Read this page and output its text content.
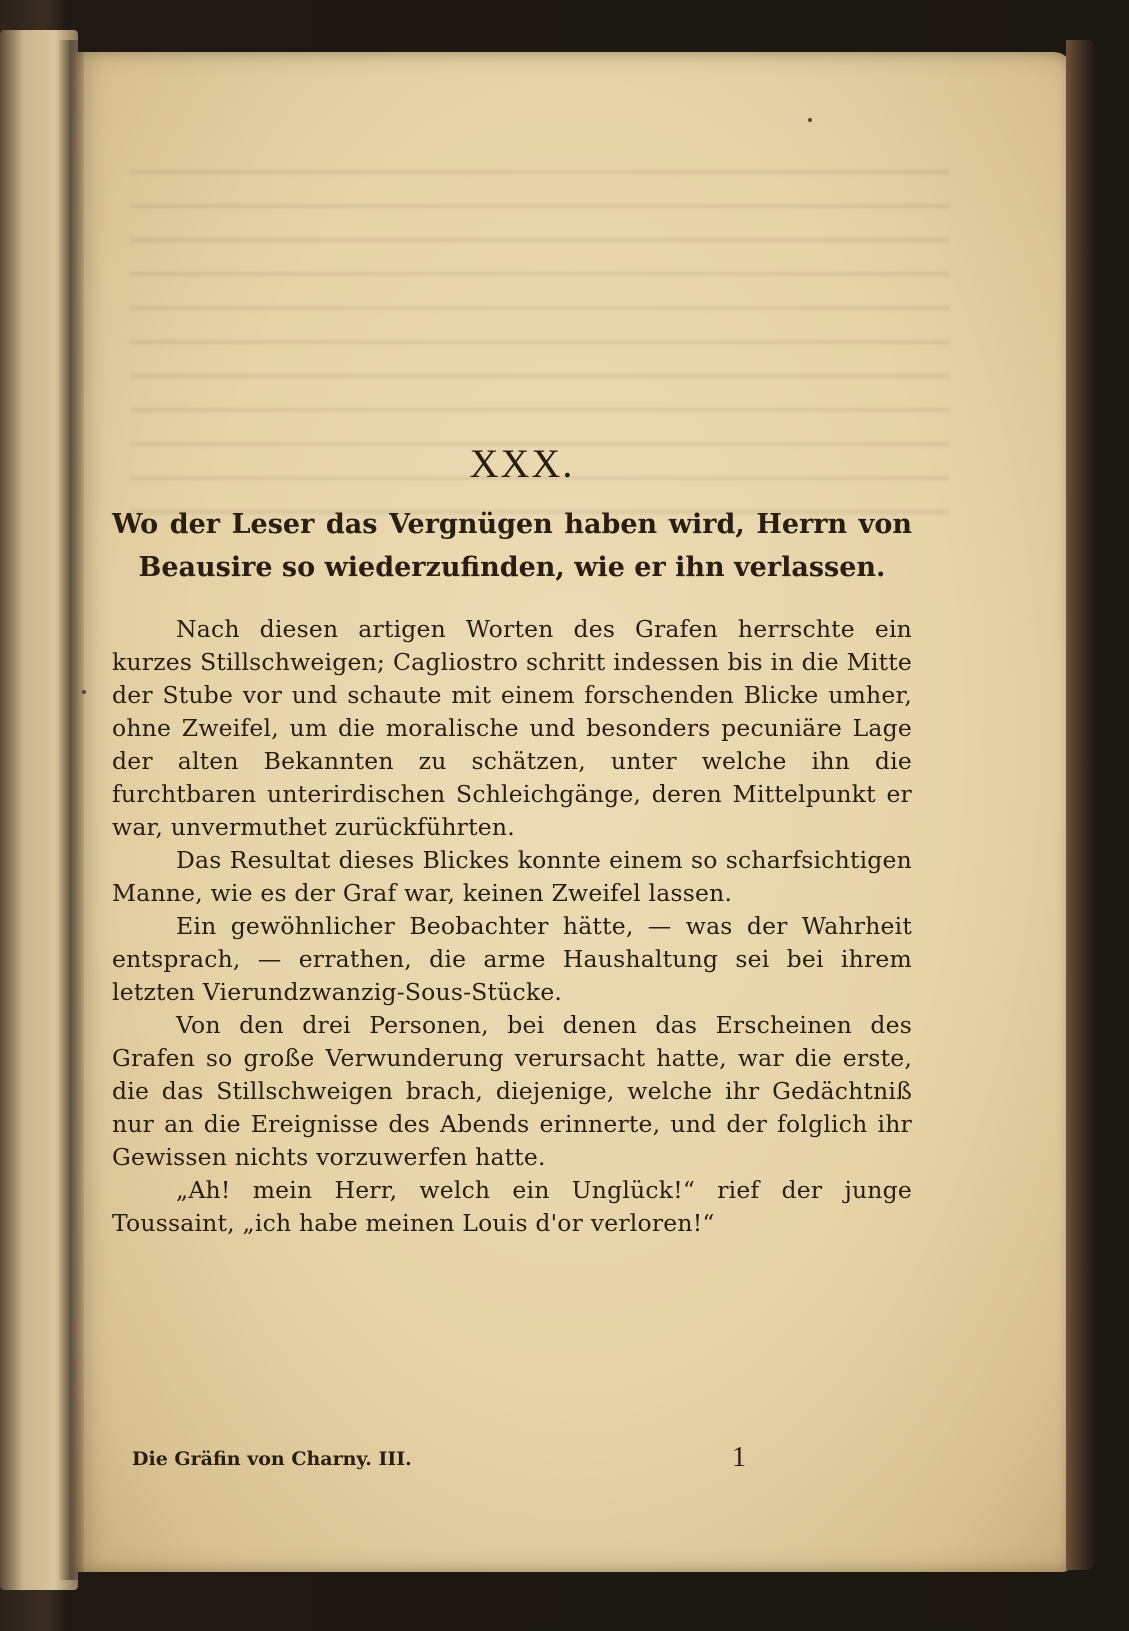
XXX.
Wo der Leser das Vergnügen haben wird, Herrn von Beausire so wiederzufinden, wie er ihn verlassen.

Nach diesen artigen Worten des Grafen herrschte ein kurzes Stillschweigen; Cagliostro schritt indessen bis in die Mitte der Stube vor und schaute mit einem forschenden Blicke umher, ohne Zweifel, um die moralische und besonders pecuniäre Lage der alten Bekannten zu schätzen, unter welche ihn die furchtbaren unterirdischen Schleichgänge, deren Mittelpunkt er war, unvermuthet zurückführten.

Das Resultat dieses Blickes konnte einem so scharfsichtigen Manne, wie es der Graf war, keinen Zweifel lassen.

Ein gewöhnlicher Beobachter hätte, — was der Wahrheit entsprach, — errathen, die arme Haushaltung sei bei ihrem letzten Vierundzwanzig-Sous-Stücke.

Von den drei Personen, bei denen das Erscheinen des Grafen so große Verwunderung verursacht hatte, war die erste, die das Stillschweigen brach, diejenige, welche ihr Gedächtniß nur an die Ereignisse des Abends erinnerte, und der folglich ihr Gewissen nichts vorzuwerfen hatte.

„Ah! mein Herr, welch ein Unglück!“ rief der junge Toussaint, „ich habe meinen Louis d'or verloren!“

Die Gräfin von Charny. III.	1
